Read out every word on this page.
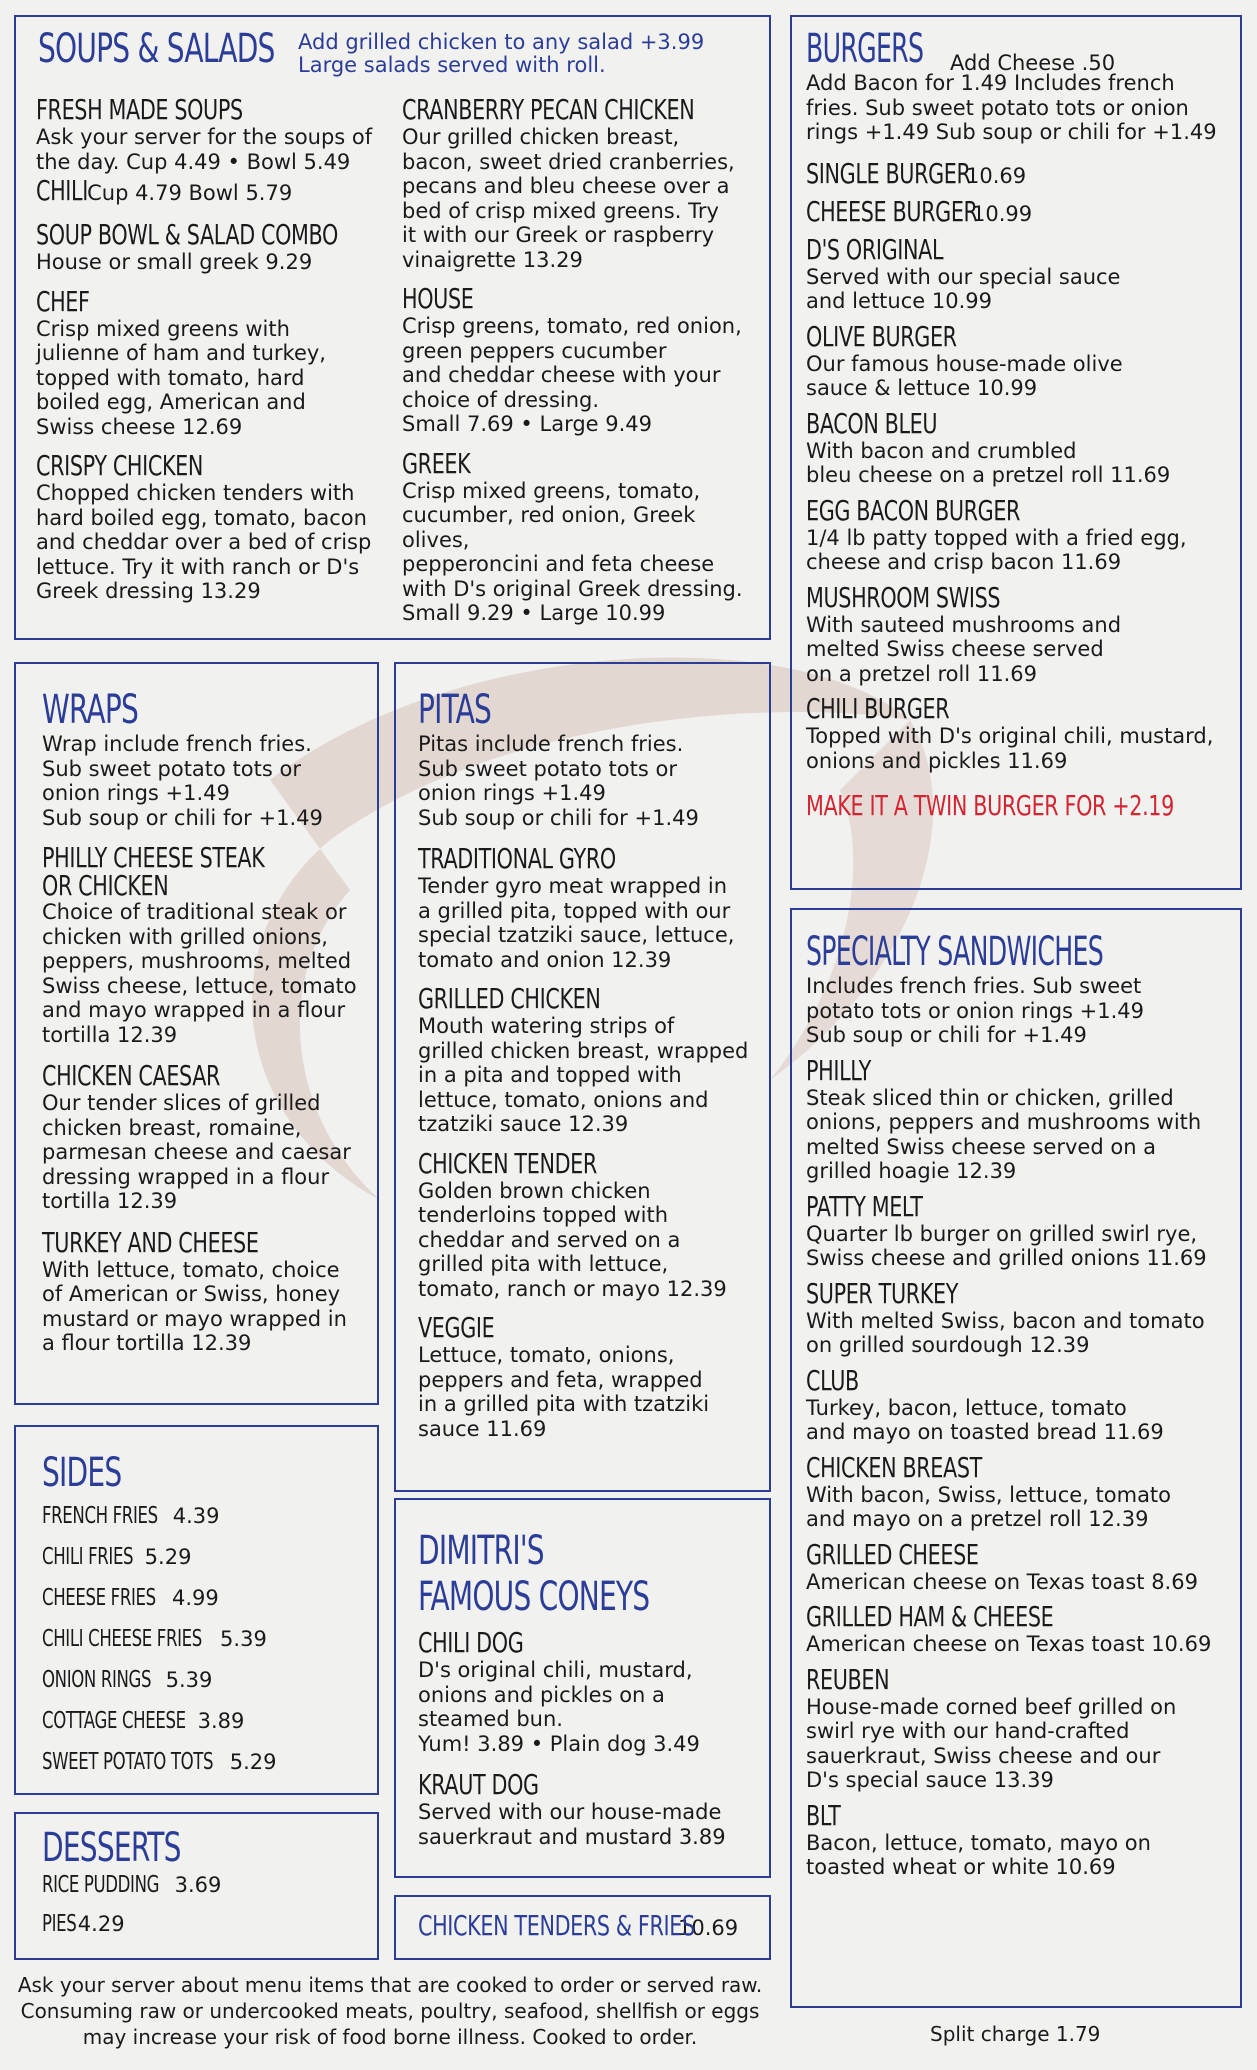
SOUPS & SALADS Add grilled chicken to any salad +3.99
Large salads served with roll.
FRESH MADE SOUPS
Ask your server for the soups of
the day. Cup 4.49 • Bowl 5.49
CHILI Cup 4.79 Bowl 5.79
SOUP BOWL & SALAD COMBO
House or small greek 9.29
CHEF
Crisp mixed greens with
julienne of ham and turkey,
topped with tomato, hard
boiled egg, American and
Swiss cheese 12.69
CRISPY CHICKEN
Chopped chicken tenders with
hard boiled egg, tomato, bacon
and cheddar over a bed of crisp
lettuce. Try it with ranch or D's
Greek dressing 13.29
CRANBERRY PECAN CHICKEN
Our grilled chicken breast,
bacon, sweet dried cranberries,
pecans and bleu cheese over a
bed of crisp mixed greens. Try
it with our Greek or raspberry
vinaigrette 13.29
HOUSE
Crisp greens, tomato, red onion,
green peppers cucumber
and cheddar cheese with your
choice of dressing.
Small 7.69 • Large 9.49
GREEK
Crisp mixed greens, tomato,
cucumber, red onion, Greek olives,
pepperoncini and feta cheese
with D's original Greek dressing.
Small 9.29 • Large 10.99
BURGERS Add Cheese .50
Add Bacon for 1.49 Includes french
fries. Sub sweet potato tots or onion
rings +1.49 Sub soup or chili for +1.49
SINGLE BURGER10.69
CHEESE BURGER10.99
D'S ORIGINAL
Served with our special sauce
and lettuce 10.99
OLIVE BURGER
Our famous house-made olive
sauce & lettuce 10.99
BACON BLEU
With bacon and crumbled
bleu cheese on a pretzel roll 11.69
EGG BACON BURGER
1/4 lb patty topped with a fried egg,
cheese and crisp bacon 11.69
MUSHROOM SWISS
With sauteed mushrooms and
melted Swiss cheese served
on a pretzel roll 11.69
CHILI BURGER
Topped with D's original chili, mustard,
onions and pickles 11.69
MAKE IT A TWIN BURGER FOR +2.19
WRAPS
Wrap include french fries.
Sub sweet potato tots or
onion rings +1.49
Sub soup or chili for +1.49
PHILLY CHEESE STEAK
OR CHICKEN
Choice of traditional steak or
chicken with grilled onions,
peppers, mushrooms, melted
Swiss cheese, lettuce, tomato
and mayo wrapped in a flour
tortilla 12.39
CHICKEN CAESAR
Our tender slices of grilled
chicken breast, romaine,
parmesan cheese and caesar
dressing wrapped in a flour
tortilla 12.39
TURKEY AND CHEESE
With lettuce, tomato, choice
of American or Swiss, honey
mustard or mayo wrapped in
a flour tortilla 12.39
PITAS
Pitas include french fries.
Sub sweet potato tots or
onion rings +1.49
Sub soup or chili for +1.49
TRADITIONAL GYRO
Tender gyro meat wrapped in
a grilled pita, topped with our
special tzatziki sauce, lettuce,
tomato and onion 12.39
GRILLED CHICKEN
Mouth watering strips of
grilled chicken breast, wrapped
in a pita and topped with
lettuce, tomato, onions and
tzatziki sauce 12.39
CHICKEN TENDER
Golden brown chicken
tenderloins topped with
cheddar and served on a
grilled pita with lettuce,
tomato, ranch or mayo 12.39
VEGGIE
Lettuce, tomato, onions,
peppers and feta, wrapped
in a grilled pita with tzatziki
sauce 11.69
SPECIALTY SANDWICHES
Includes french fries. Sub sweet
potato tots or onion rings +1.49
Sub soup or chili for +1.49
PHILLY
Steak sliced thin or chicken, grilled
onions, peppers and mushrooms with
melted Swiss cheese served on a
grilled hoagie 12.39
PATTY MELT
Quarter lb burger on grilled swirl rye,
Swiss cheese and grilled onions 11.69
SUPER TURKEY
With melted Swiss, bacon and tomato
on grilled sourdough 12.39
CLUB
Turkey, bacon, lettuce, tomato
and mayo on toasted bread 11.69
CHICKEN BREAST
With bacon, Swiss, lettuce, tomato
and mayo on a pretzel roll 12.39
GRILLED CHEESE
American cheese on Texas toast 8.69
GRILLED HAM & CHEESE
American cheese on Texas toast 10.69
REUBEN
House-made corned beef grilled on
swirl rye with our hand-crafted
sauerkraut, Swiss cheese and our
D's special sauce 13.39
BLT
Bacon, lettuce, tomato, mayo on
toasted wheat or white 10.69
SIDES
FRENCH FRIES 4.39
CHILI FRIES 5.29
CHEESE FRIES 4.99
CHILI CHEESE FRIES 5.39
ONION RINGS 5.39
COTTAGE CHEESE 3.89
SWEET POTATO TOTS 5.29
DIMITRI'S
FAMOUS CONEYS
CHILI DOG
D's original chili, mustard,
onions and pickles on a
steamed bun.
Yum! 3.89 • Plain dog 3.49
KRAUT DOG
Served with our house-made
sauerkraut and mustard 3.89
DESSERTS
RICE PUDDING 3.69
PIES4.29	CHICKEN TENDERS & FRIES10.69
Ask your server about menu items that are cooked to order or served raw.
Consuming raw or undercooked meats, poultry, seafood, shellfish or eggs
may increase your risk of food borne illness. Cooked to order.	Split charge 1.79
